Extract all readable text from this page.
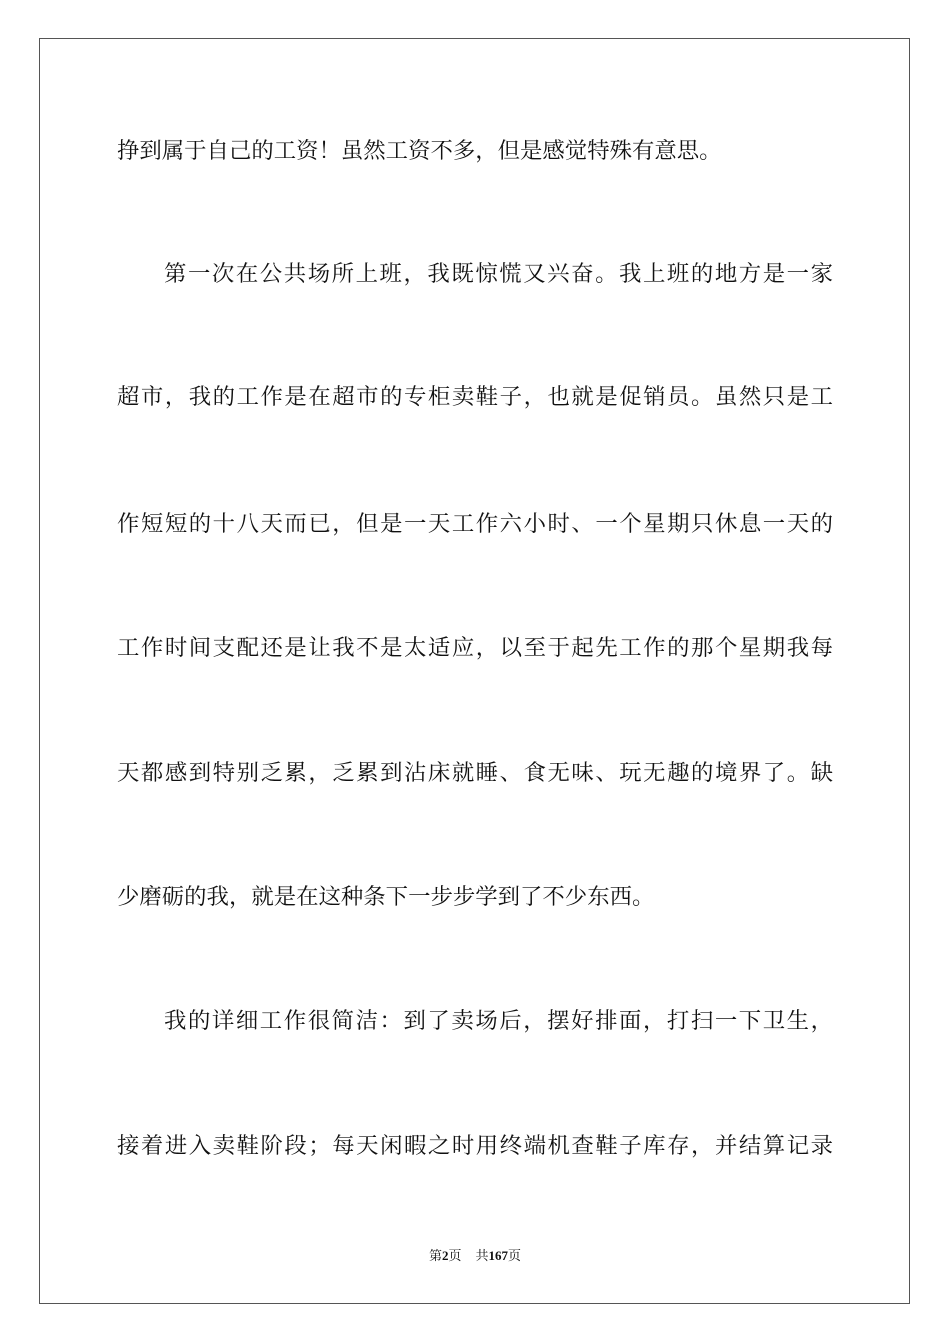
挣到属于自己的工资！虽然工资不多，但是感觉特殊有意思。
第一次在公共场所上班，我既惊慌又兴奋。我上班的地方是一家
超市，我的工作是在超市的专柜卖鞋子，也就是促销员。虽然只是工
作短短的十八天而已，但是一天工作六小时、一个星期只休息一天的
工作时间支配还是让我不是太适应，以至于起先工作的那个星期我每
天都感到特别乏累，乏累到沾床就睡、食无味、玩无趣的境界了。缺
少磨砺的我，就是在这种条下一步步学到了不少东西。
我的详细工作很简洁：到了卖场后，摆好排面，打扫一下卫生，
接着进入卖鞋阶段；每天闲暇之时用终端机查鞋子库存，并结算记录
第2页 共167页
